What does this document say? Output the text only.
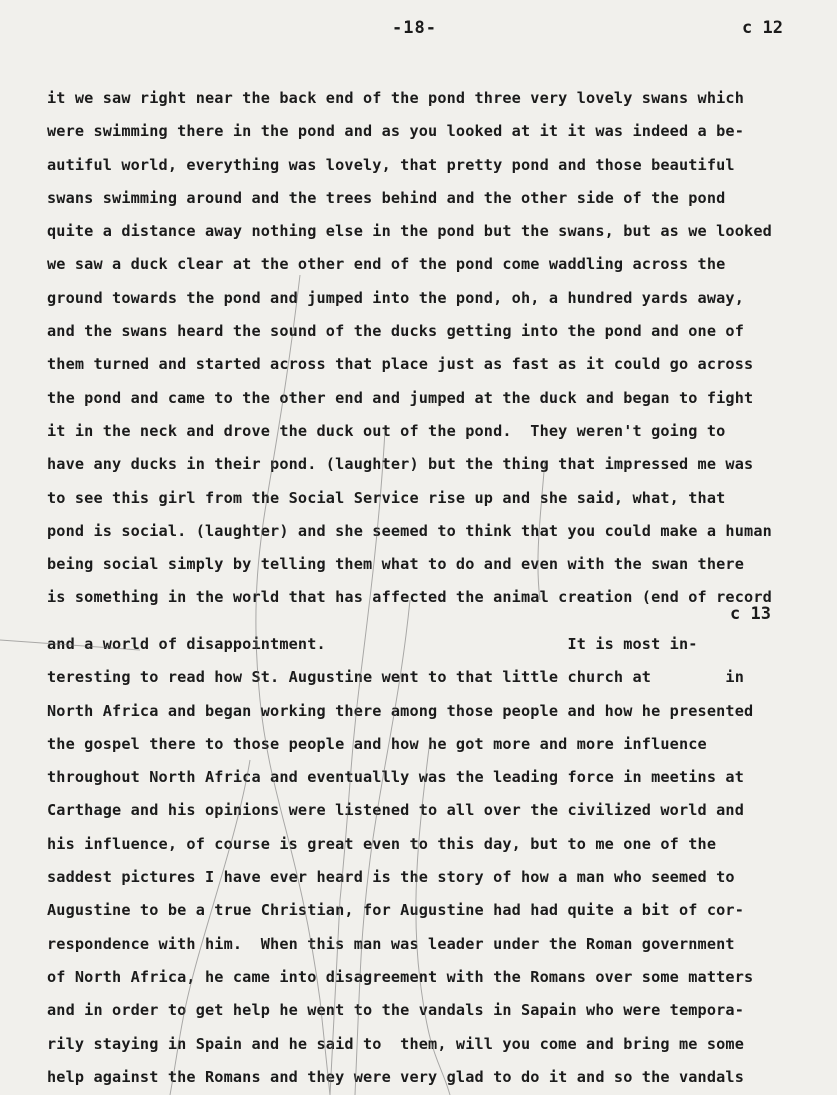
-18-	c 12
c 13
it we saw right near the back end of the pond three very lovely swans which
were swimming there in the pond and as you looked at it it was indeed a be-
autiful world, everything was lovely, that pretty pond and those beautiful
swans swimming around and the trees behind and the other side of the pond
quite a distance away nothing else in the pond but the swans, but as we looked
we saw a duck clear at the other end of the pond come waddling across the
ground towards the pond and jumped into the pond, oh, a hundred yards away,
and the swans heard the sound of the ducks getting into the pond and one of
them turned and started across that place just as fast as it could go across
the pond and came to the other end and jumped at the duck and began to fight
it in the neck and drove the duck out of the pond.  They weren't going to
have any ducks in their pond. (laughter) but the thing that impressed me was
to see this girl from the Social Service rise up and she said, what, that
pond is social. (laughter) and she seemed to think that you could make a human
being social simply by telling them what to do and even with the swan there
is something in the world that has affected the animal creation (end of record
and a world of disappointment.                          It is most in-
teresting to read how St. Augustine went to that little church at        in
North Africa and began working there among those people and how he presented
the gospel there to those people and how he got more and more influence
throughout North Africa and eventuallly was the leading force in meetins at
Carthage and his opinions were listened to all over the civilized world and
his influence, of course is great even to this day, but to me one of the
saddest pictures I have ever heard is the story of how a man who seemed to
Augustine to be a true Christian, for Augustine had had quite a bit of cor-
respondence with him.  When this man was leader under the Roman government
of North Africa, he came into disagreement with the Romans over some matters
and in order to get help he went to the vandals in Sapain who were tempora-
rily staying in Spain and he said to  them, will you come and bring me some
help against the Romans and they were very glad to do it and so the vandals
